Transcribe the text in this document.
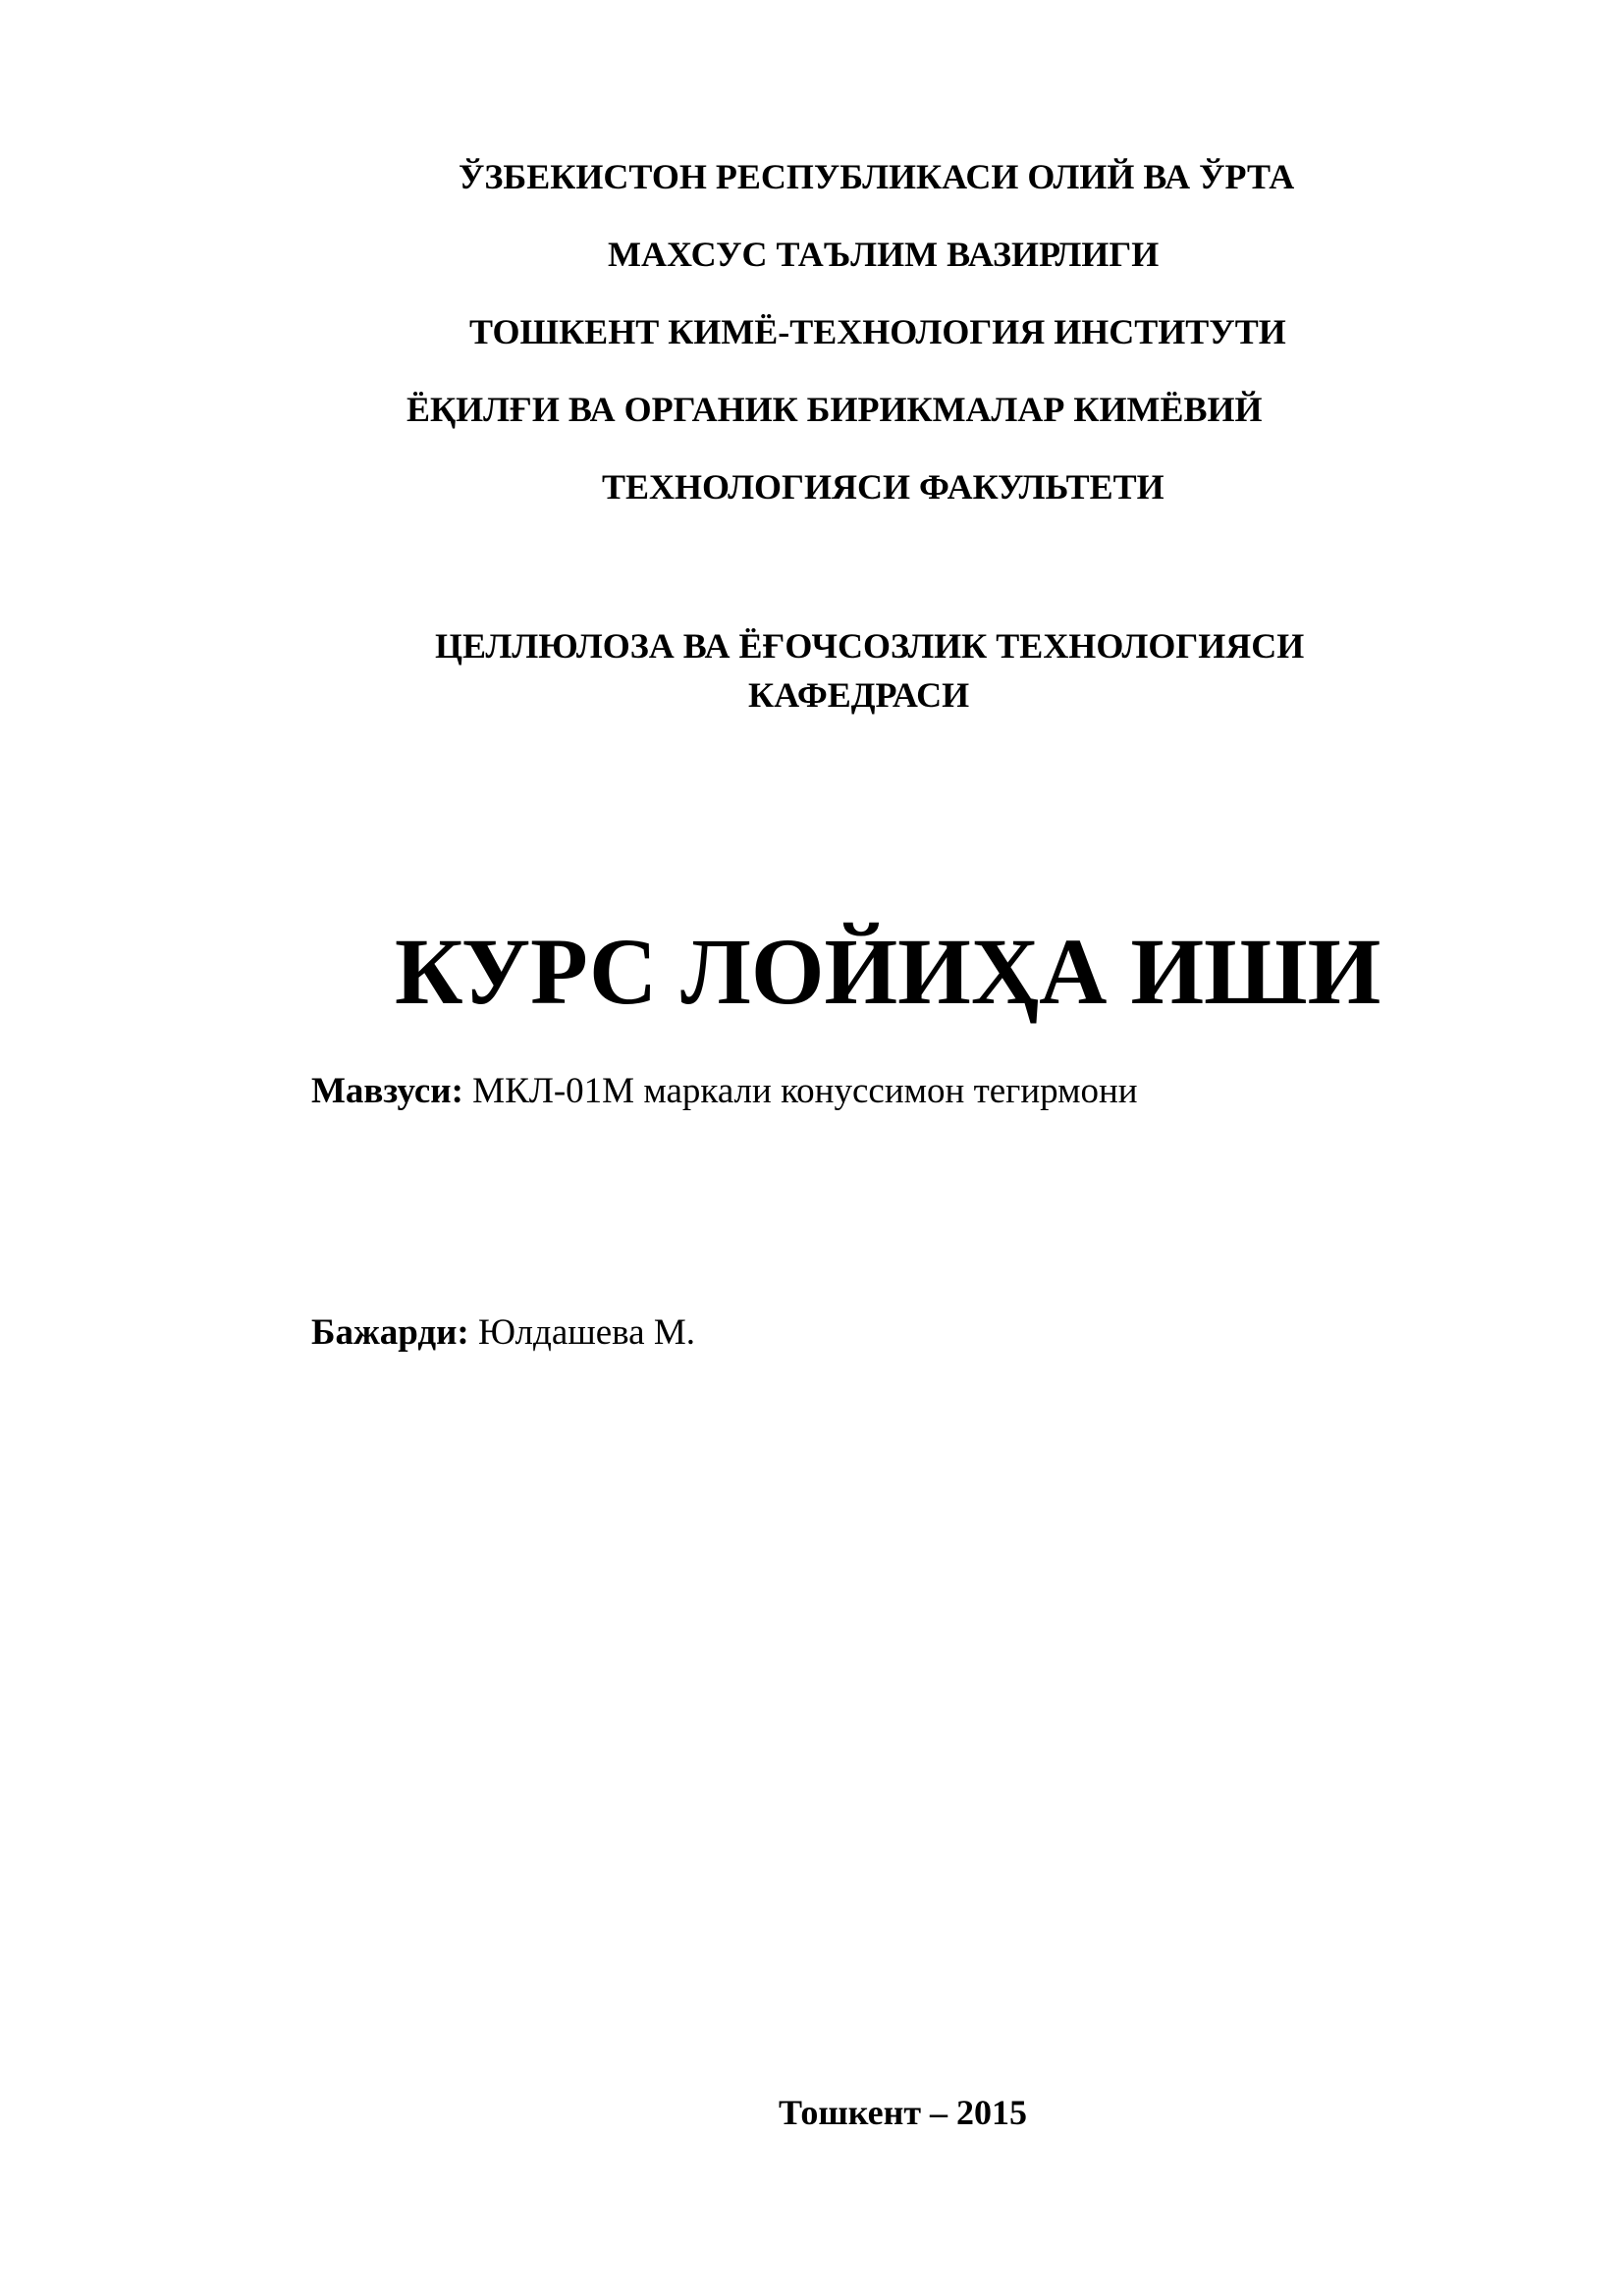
ЎЗБЕКИСТОН РЕСПУБЛИКАСИ ОЛИЙ ВА ЎРТА
МАХСУС ТАЪЛИМ ВАЗИРЛИГИ
ТОШКЕНТ КИМЁ-ТЕХНОЛОГИЯ ИНСТИТУТИ
ЁҚИЛҒИ ВА ОРГАНИК БИРИКМАЛАР КИМЁВИЙ
ТЕХНОЛОГИЯСИ ФАКУЛЬТЕТИ
ЦЕЛЛЮЛОЗА ВА ЁҒОЧСОЗЛИК ТЕХНОЛОГИЯСИ
КАФЕДРАСИ
КУРС ЛОЙИҲА ИШИ
Мавзуси: МКЛ-01М маркали конуссимон тегирмони
Бажарди: Юлдашева М.
Тошкент – 2015
